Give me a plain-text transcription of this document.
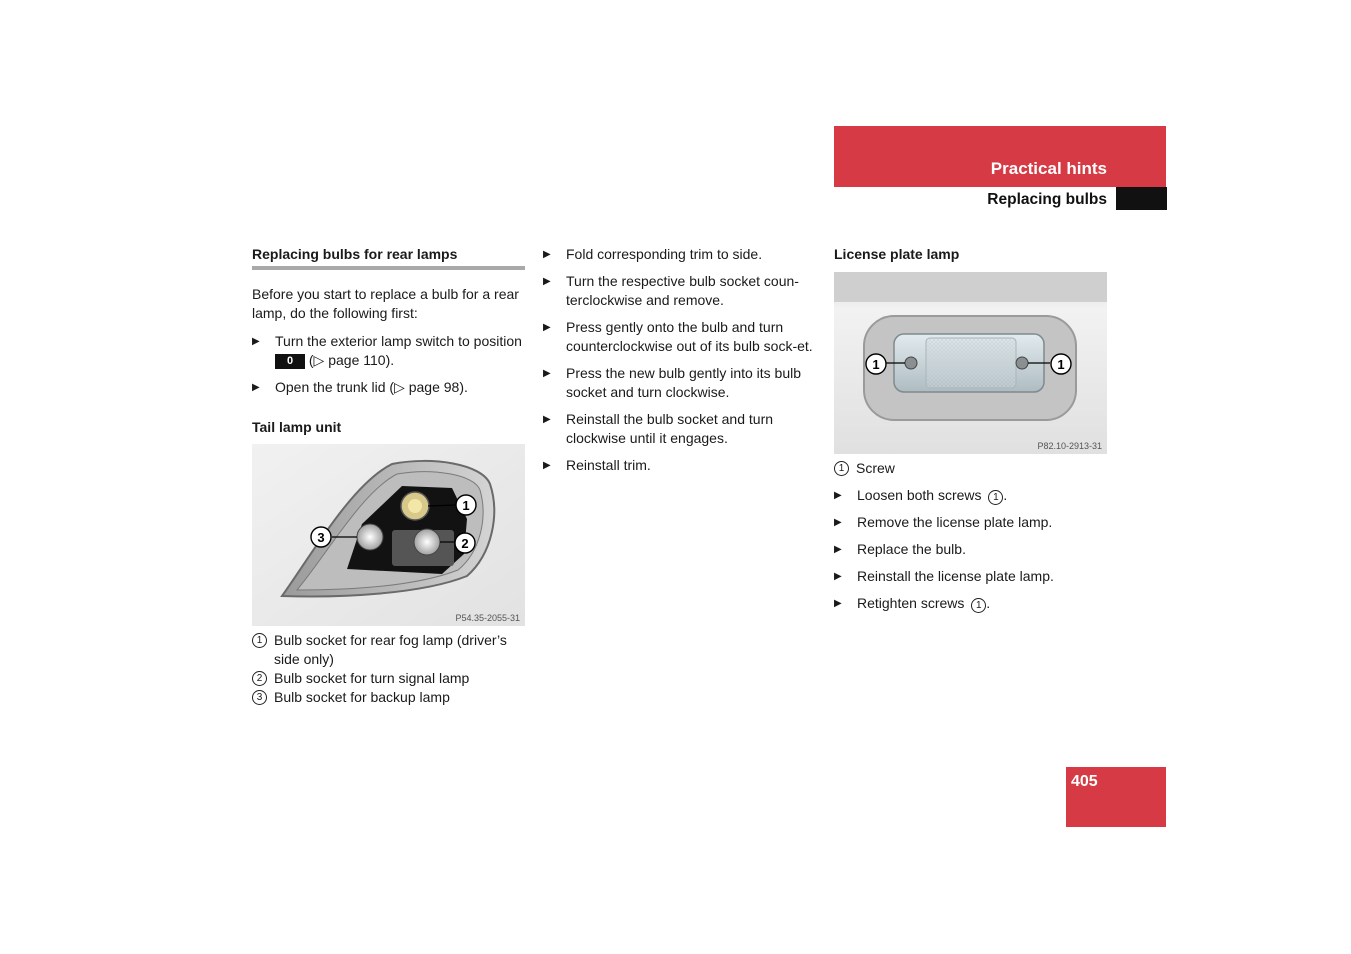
Practical hints
Replacing bulbs
Replacing bulbs for rear lamps

Before you start to replace a bulb for a rear lamp, do the following first:

▶ Turn the exterior lamp switch to position 0 (▷ page 110).
▶ Open the trunk lid (▷ page 98).
Tail lamp unit
1
2
3
P54.35-2055-31
1 Bulb socket for rear fog lamp (driver’s side only)
2 Bulb socket for turn signal lamp
3 Bulb socket for backup lamp
▶ Fold corresponding trim to side.
▶ Turn the respective bulb socket coun-terclockwise and remove.
▶ Press gently onto the bulb and turn counterclockwise out of its bulb sock-et.
▶ Press the new bulb gently into its bulb socket and turn clockwise.
▶ Reinstall the bulb socket and turn clockwise until it engages.
▶ Reinstall trim.
License plate lamp
1	1
P82.10-2913-31
1 Screw
▶ Loosen both screws 1 .
▶ Remove the license plate lamp.
▶ Replace the bulb.
▶ Reinstall the license plate lamp.
▶ Retighten screws 1 .
405
